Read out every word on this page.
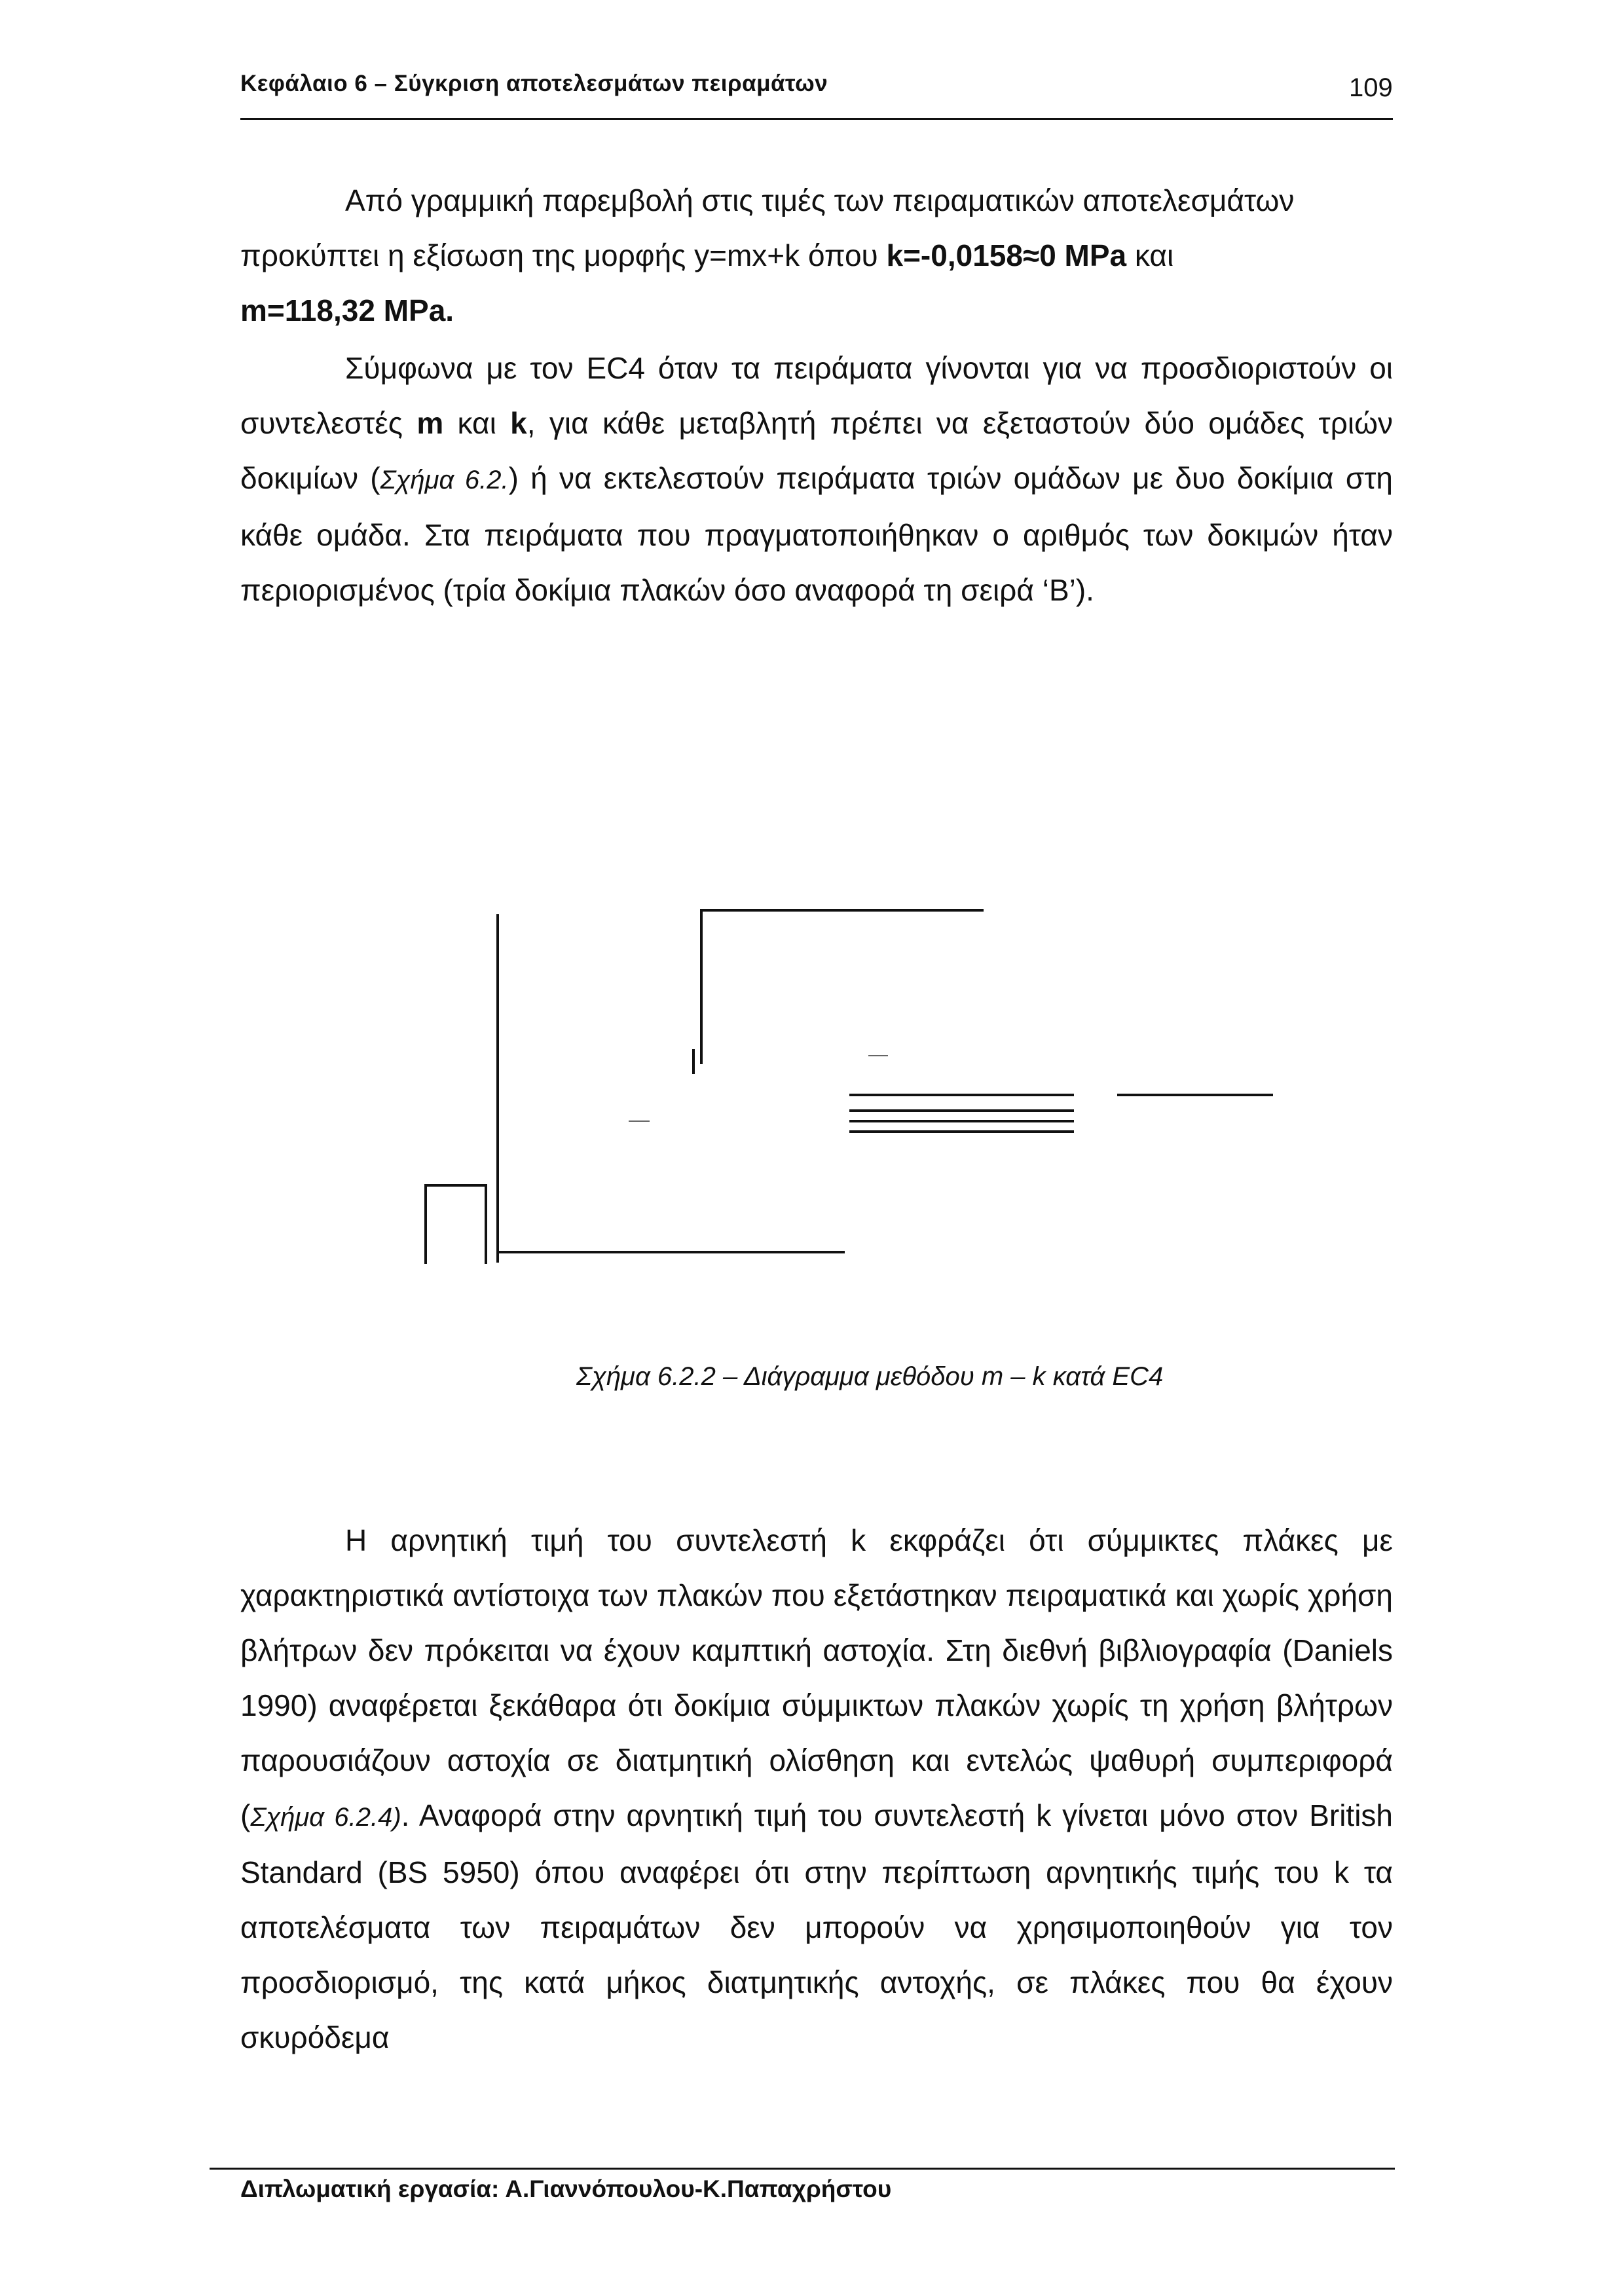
Κεφάλαιο 6 – Σύγκριση αποτελεσμάτων πειραμάτων	109

Από γραμμική παρεμβολή στις τιμές των πειραματικών αποτελεσμάτων
προκύπτει η εξίσωση της μορφής y=mx+k όπου k=-0,0158≈0 MPa και
m=118,32 MPa.

Σύμφωνα με τον EC4 όταν τα πειράματα γίνονται για να προσδιοριστούν οι συντελεστές m και k, για κάθε μεταβλητή πρέπει να εξεταστούν δύο ομάδες τριών δοκιμίων (Σχήμα 6.2.) ή να εκτελεστούν πειράματα τριών ομάδων με δυο δοκίμια στη κάθε ομάδα. Στα πειράματα που πραγματοποιήθηκαν ο αριθμός των δοκιμών ήταν περιορισμένος (τρία δοκίμια πλακών όσο αναφορά τη σειρά ‘Β’).

Σχήμα 6.2.2 – Διάγραμμα μεθόδου m – k κατά EC4

Η αρνητική τιμή του συντελεστή k εκφράζει ότι σύμμικτες πλάκες με χαρακτηριστικά αντίστοιχα των πλακών που εξετάστηκαν πειραματικά και χωρίς χρήση βλήτρων δεν πρόκειται να έχουν καμπτική αστοχία. Στη διεθνή βιβλιογραφία (Daniels 1990) αναφέρεται ξεκάθαρα ότι δοκίμια σύμμικτων πλακών χωρίς τη χρήση βλήτρων παρουσιάζουν αστοχία σε διατμητική ολίσθηση και εντελώς ψαθυρή συμπεριφορά (Σχήμα 6.2.4). Αναφορά στην αρνητική τιμή του συντελεστή k γίνεται μόνο στον British Standard (BS 5950) όπου αναφέρει ότι στην περίπτωση αρνητικής τιμής του k τα αποτελέσματα των πειραμάτων δεν μπορούν να χρησιμοποιηθούν για τον προσδιορισμό, της κατά μήκος διατμητικής αντοχής, σε πλάκες που θα έχουν σκυρόδεμα

Διπλωματική εργασία: Α.Γιαννόπουλου-Κ.Παπαχρήστου
